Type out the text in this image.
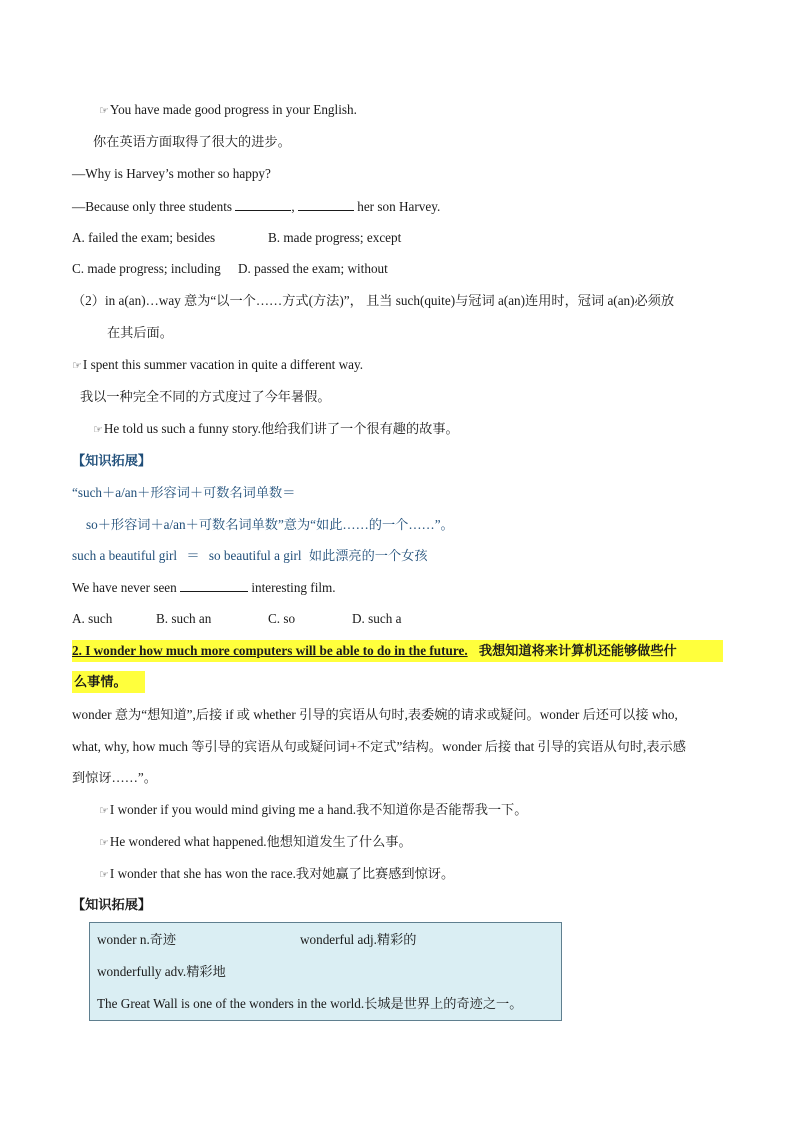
☞You have made good progress in your English.
你在英语方面取得了很大的进步。
—Why is Harvey’s mother so happy?
—Because only three students	,	her son Harvey.
A. failed the exam; besides	B. made progress; except
C. made progress; including D. passed the exam; without
（2）in a(an)…way 意为“以一个……方式(方法)”， 且当 such(quite)与冠词 a(an)连用时，冠词 a(an)必须放
在其后面。
☞I spent this summer vacation in quite a different way.
我以一种完全不同的方式度过了今年暑假。
☞He told us such a funny story.他给我们讲了一个很有趣的故事。
【知识拓展】
“such＋a/an＋形容词＋可数名词单数＝
so＋形容词＋a/an＋可数名词单数”意为“如此……的一个……”。
such a beautiful girl ＝ so beautiful a girl 如此漂亮的一个女孩
We have never seen	interesting film.
A. such	B. such an	C. so	D. such a
2. I wonder how much more computers will be able to do in the future. 我想知道将来计算机还能够做些什
么事情。
wonder 意为“想知道”,后接 if 或 whether 引导的宾语从句时,表委婉的请求或疑问。wonder 后还可以接 who,
what, why, how much 等引导的宾语从句或疑问词+不定式”结构。wonder 后接 that 引导的宾语从句时,表示感
到惊讶……”。
☞I wonder if you would mind giving me a hand.我不知道你是否能帮我一下。
☞He wondered what happened.他想知道发生了什么事。
☞I wonder that she has won the race.我对她赢了比赛感到惊讶。
【知识拓展】
wonder n.奇迹	wonderful adj.精彩的
wonderfully adv.精彩地
The Great Wall is one of the wonders in the world.长城是世界上的奇迹之一。
